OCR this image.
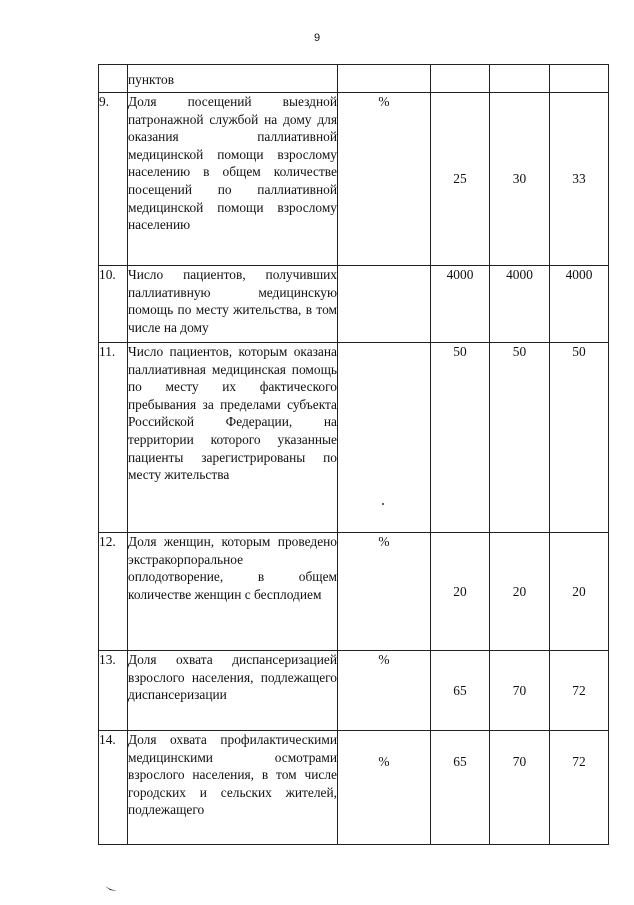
9
	пунктов				
9.	Доля посещений выездной патронажной службой на дому для оказания паллиативной медицинской помощи взрослому населению в общем количестве посещений по паллиативной медицинской помощи взрослому населению	%	25	30	33
10.	Число пациентов, получивших паллиативную медицинскую помощь по месту жительства, в том числе на дому		4000	4000	4000
11.	Число пациентов, которым оказана паллиативная медицинская помощь по месту их фактического пребывания за пределами субъекта Российской Федерации, на территории которого указанные пациенты зарегистрированы по месту жительства		50	50	50
12.	Доля женщин, которым проведено экстракорпоральное оплодотворение, в общем количестве женщин с бесплодием	%	20	20	20
13.	Доля охвата диспансеризацией взрослого населения, подлежащего диспансеризации	%	65	70	72
14.	Доля охвата профилактическими медицинскими осмотрами взрослого населения, в том числе городских и сельских жителей, подлежащего	%	65	70	72
